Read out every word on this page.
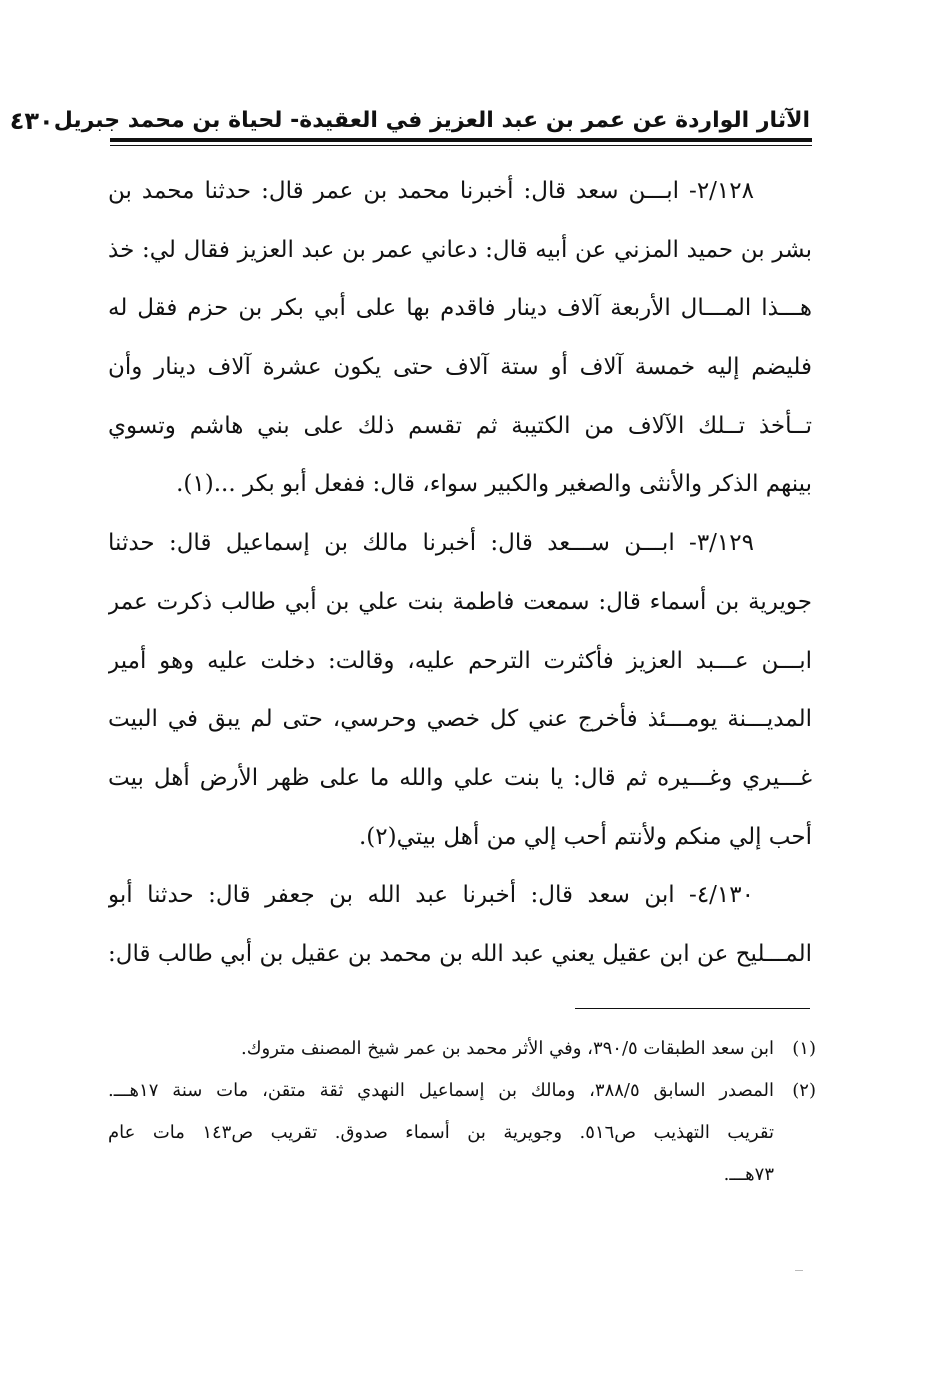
الآثار الواردة عن عمر بن عبد العزيز في العقيدة- لحياة بن محمد جبريل
٤٣٠
٢/١٢٨- ابـــن سعد قال: أخبرنا محمد بن عمر قال: حدثنا محمد بن
بشر بن حميد المزني عن أبيه قال: دعاني عمر بن عبد العزيز فقال لي: خذ
هـــذا المـــال الأربعة آلاف دينار فاقدم بها على أبي بكر بن حزم فقل له
فليضم إليه خمسة آلاف أو ستة آلاف حتى يكون عشرة آلاف دينار وأن
تــأخذ تــلك الآلاف من الكتيبة ثم تقسم ذلك على بني هاشم وتسوي
بينهم الذكر والأنثى والصغير والكبير سواء، قال: ففعل أبو بكر ...(١).
٣/١٢٩- ابـــن ســـعد قال: أخبرنا مالك بن إسماعيل قال: حدثنا
جويرية بن أسماء قال: سمعت فاطمة بنت علي بن أبي طالب ذكرت عمر
ابـــن عـــبد العزيز فأكثرت الترحم عليه، وقالت: دخلت عليه وهو أمير
المديـــنة يومـــئذ فأخرج عني كل خصي وحرسي، حتى لم يبق في البيت
غـــيري وغـــيره ثم قال: يا بنت علي والله ما على ظهر الأرض أهل بيت
أحب إلي منكم ولأنتم أحب إلي من أهل بيتي(٢).
٤/١٣٠- ابن سعد قال: أخبرنا عبد الله بن جعفر قال: حدثنا أبو
المـــليح عن ابن عقيل يعني عبد الله بن محمد بن عقيل بن أبي طالب قال:
(١)
ابن سعد الطبقات ٣٩٠/٥، وفي الأثر محمد بن عمر شيخ المصنف متروك.
(٢)
المصدر السابق ٣٨٨/٥، ومالك بن إسماعيل النهدي ثقة متقن، مات سنة ١٧هـــ.
تقريب التهذيب ص٥١٦. وجويرية بن أسماء صدوق. تقريب ص١٤٣ مات عام
٧٣هـــ.
